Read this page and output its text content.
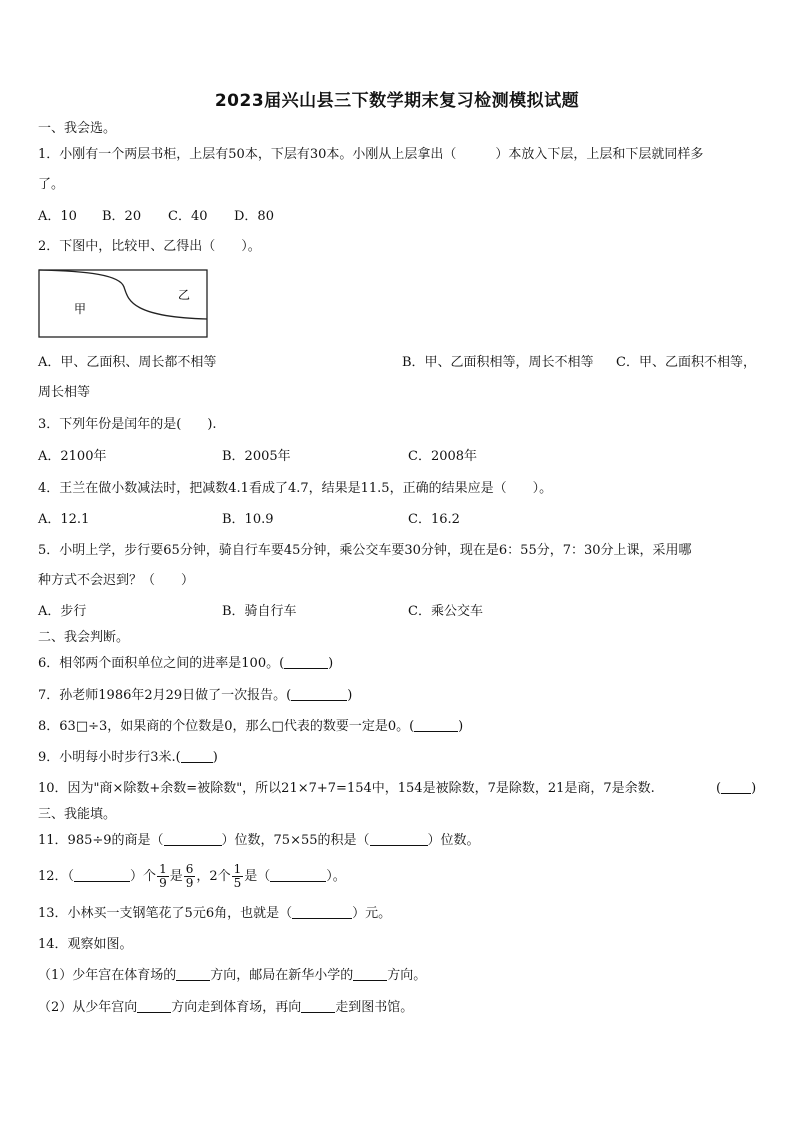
2023届兴山县三下数学期末复习检测模拟试题
一、我会选。
1．小刚有一个两层书柜，上层有50本，下层有30本。小刚从上层拿出（　　　）本放入下层，上层和下层就同样多
了。
A．10 B．20 C．40 D．80
2．下图中，比较甲、乙得出（　　）。
甲
乙
A．甲、乙面积、周长都不相等	B．甲、乙面积相等，周长不相等 C．甲、乙面积不相等，
周长相等
3．下列年份是闰年的是(　　).
A．2100年	B．2005年	C．2008年
4．王兰在做小数减法时，把减数4.1看成了4.7，结果是11.5，正确的结果应是（　　）。
A．12.1	B．10.9	C．16.2
5．小明上学，步行要65分钟，骑自行车要45分钟，乘公交车要30分钟，现在是6：55分，7：30分上课，采用哪
种方式不会迟到？（　　）
A．步行	B．骑自行车	C．乘公交车
二、我会判断。
6．相邻两个面积单位之间的进率是100。(	)
7．孙老师1986年2月29日做了一次报告。(	)
8．63□÷3，如果商的个位数是0，那么□代表的数要一定是0。(	)
9．小明每小时步行3米.( )
10．因为"商×除数+余数=被除数"，所以21×7+7=154中，154是被除数，7是除数，21是商，7是余数.	( )
三、我能填。
11．985÷9的商是（	）位数，75×55的积是（	）位数。
12．（	）个 $\frac{1}{9}$ 是 $\frac{6}{9}$ ，2个 $\frac{1}{5}$ 是（	）。
13．小林买一支钢笔花了5元6角，也就是（	）元。
14．观察如图。
（1）少年宫在体育场的	方向，邮局在新华小学的	方向。
（2）从少年宫向	方向走到体育场，再向	走到图书馆。
